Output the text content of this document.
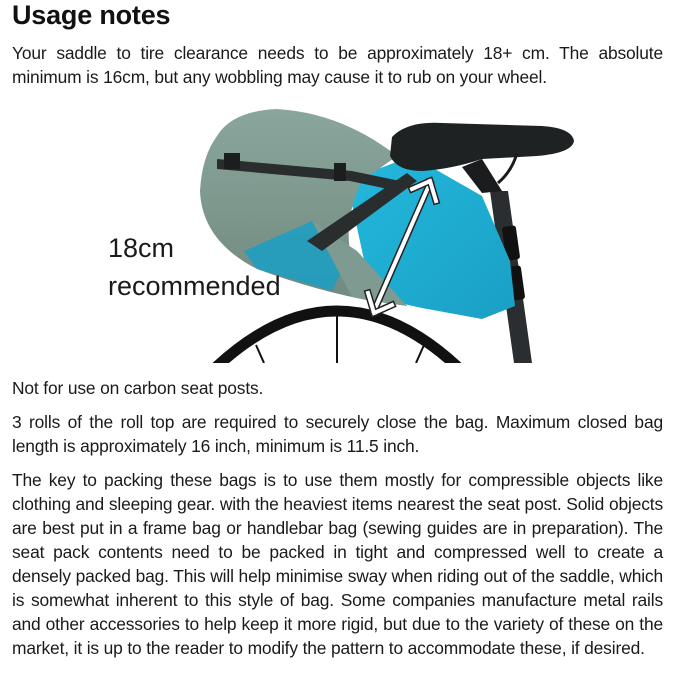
Usage notes

Your saddle to tire clearance needs to be approximately 18+ cm. The absolute minimum is 16cm, but any wobbling may cause it to rub on your wheel.

18cm
recommended

Not for use on carbon seat posts.

3 rolls of the roll top are required to securely close the bag. Maximum closed bag length is approximately 16 inch, minimum is 11.5 inch.

The key to packing these bags is to use them mostly for compressible objects like clothing and sleeping gear. with the heaviest items nearest the seat post. Solid objects are best put in a frame bag or handlebar bag (sewing guides are in preparation). The seat pack contents need to be packed in tight and compressed well to create a densely packed bag. This will help minimise sway when riding out of the saddle, which is somewhat inherent to this style of bag. Some companies manufacture metal rails and other accessories to help keep it more rigid, but due to the variety of these on the market, it is up to the reader to modify the pattern to accommodate these, if desired.
